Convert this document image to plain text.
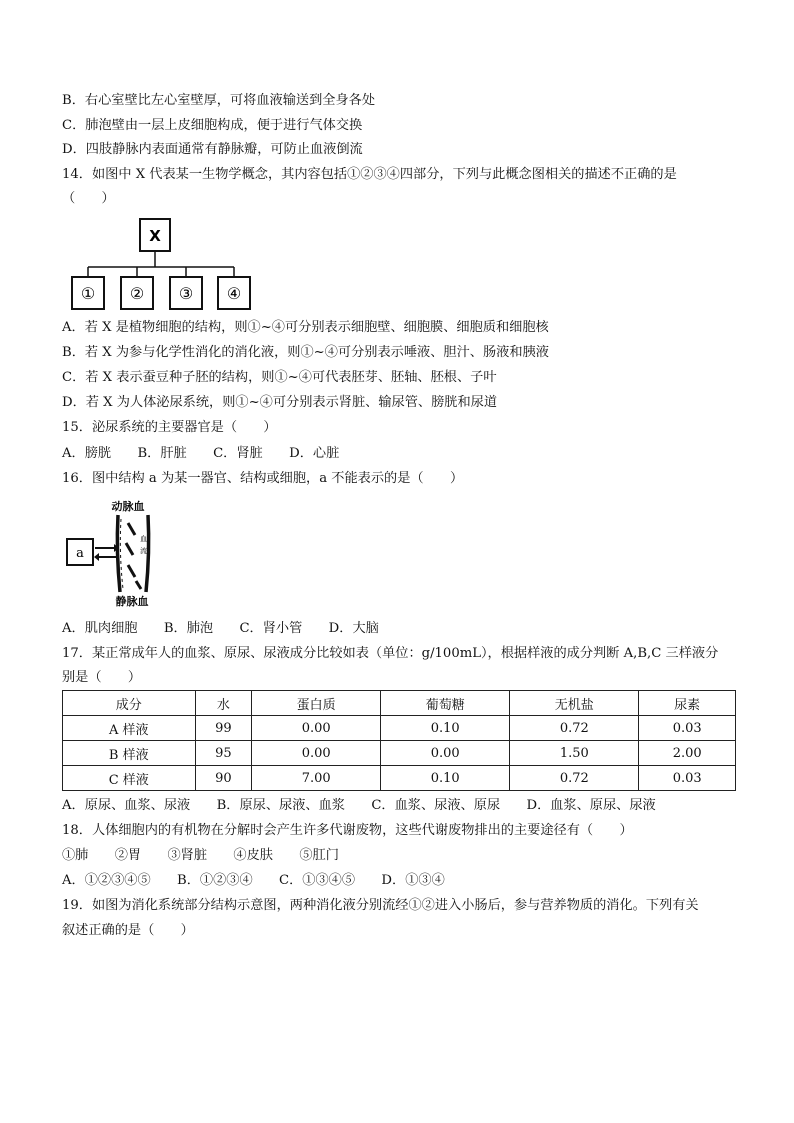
B．右心室壁比左心室壁厚，可将血液输送到全身各处
C．肺泡壁由一层上皮细胞构成，便于进行气体交换
D．四肢静脉内表面通常有静脉瓣，可防止血液倒流
14．如图中 X 代表某一生物学概念，其内容包括①②③④四部分，下列与此概念图相关的描述不正确的是
（　　）
X
① ② ③ ④
A．若 X 是植物细胞的结构，则①~④可分别表示细胞壁、细胞膜、细胞质和细胞核
B．若 X 为参与化学性消化的消化液，则①~④可分别表示唾液、胆汁、肠液和胰液
C．若 X 表示蚕豆种子胚的结构，则①~④可代表胚芽、胚轴、胚根、子叶
D．若 X 为人体泌尿系统，则①~④可分别表示肾脏、输尿管、膀胱和尿道
15．泌尿系统的主要器官是（　　）
A．膀胱　　B．肝脏　　C．肾脏　　D．心脏
16．图中结构 a 为某一器官、结构或细胞，a 不能表示的是（　　）
动脉血
静脉血
血
流
a
A．肌肉细胞　　B．肺泡　　C．肾小管　　D．大脑
17．某正常成年人的血浆、原尿、尿液成分比较如表（单位：g/100mL），根据样液的成分判断 A,B,C 三样液分
别是（　　）
成分	水	蛋白质	葡萄糖	无机盐	尿素
A 样液	99	0.00	0.10	0.72	0.03
B 样液	95	0.00	0.00	1.50	2.00
C 样液	90	7.00	0.10	0.72	0.03
A．原尿、血浆、尿液　　B．原尿、尿液、血浆　　C．血浆、尿液、原尿　　D．血浆、原尿、尿液
18．人体细胞内的有机物在分解时会产生许多代谢废物，这些代谢废物排出的主要途径有（　　）
①肺　　②胃　　③肾脏　　④皮肤　　⑤肛门
A．①②③④⑤　　B．①②③④　　C．①③④⑤　　D．①③④
19．如图为消化系统部分结构示意图，两种消化液分别流经①②进入小肠后，参与营养物质的消化。下列有关
叙述正确的是（　　）
